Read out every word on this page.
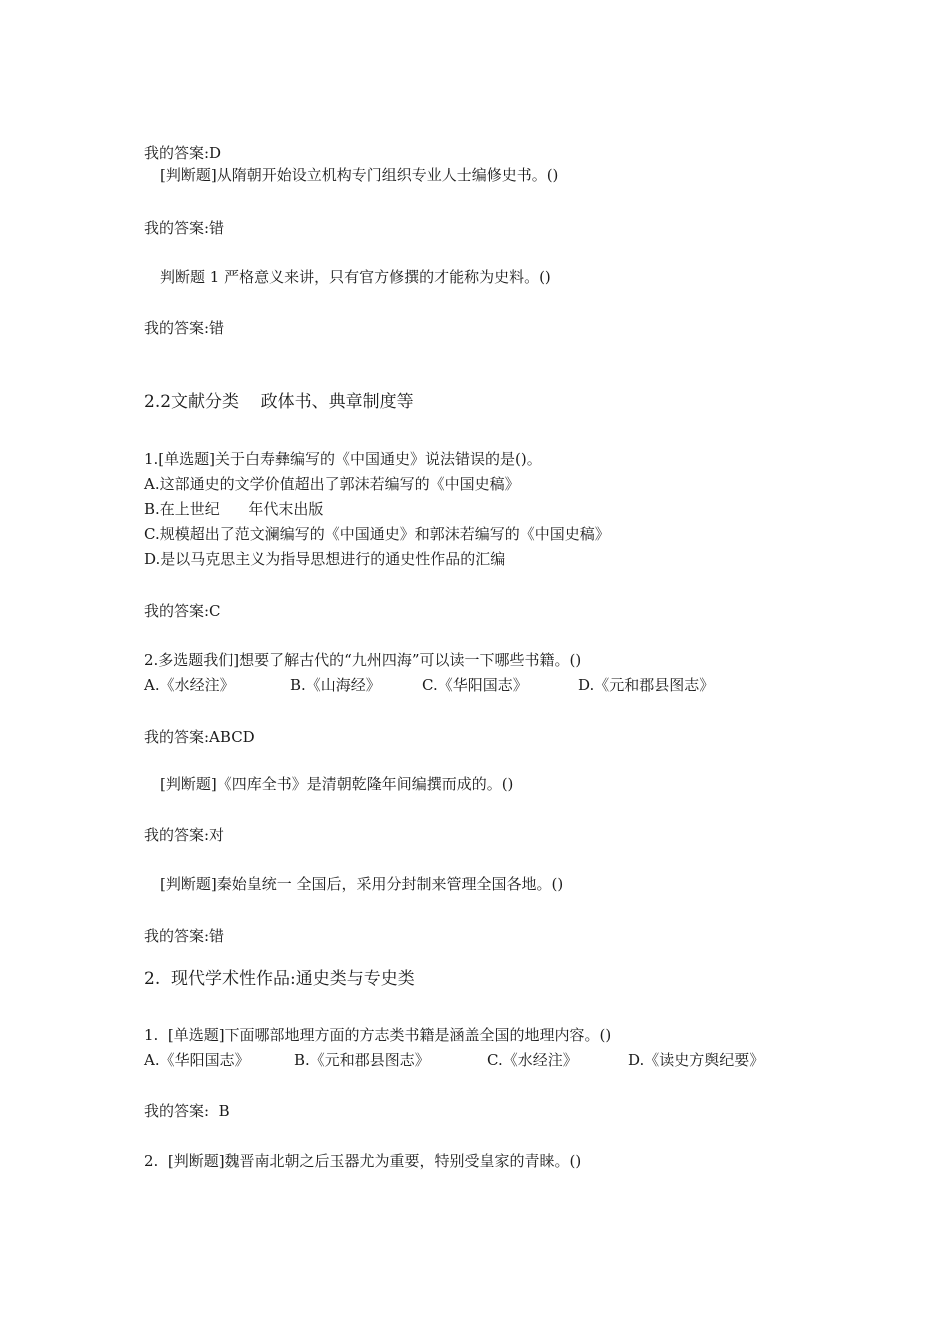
我的答案:D
[判断题]从隋朝开始设立机构专门组织专业人士编修史书。()
我的答案:错
判断题 1 严格意义来讲，只有官方修撰的才能称为史料。()
我的答案:错
2.2文献分类    政体书、典章制度等
1.[单选题]关于白寿彝编写的《中国通史》说法错误的是()。
A.这部通史的文学价值超出了郭沫若编写的《中国史稿》
B.在上世纪      年代末出版
C.规模超出了范文澜编写的《中国通史》和郭沫若编写的《中国史稿》
D.是以马克思主义为指导思想进行的通史性作品的汇编
我的答案:C
2.多选题我们]想要了解古代的“九州四海”可以读一下哪些书籍。()
A.《水经注》	B.《山海经》	C.《华阳国志》	D.《元和郡县图志》
我的答案:ABCD
[判断题]《四库全书》是清朝乾隆年间编撰而成的。()
我的答案:对
[判断题]秦始皇统一 全国后，采用分封制来管理全国各地。()
我的答案:错
2.  现代学术性作品:通史类与专史类
1.  [单选题]下面哪部地理方面的方志类书籍是涵盖全国的地理内容。()
A.《华阳国志》	B.《元和郡县图志》	C.《水经注》	D.《读史方舆纪要》
我的答案:  B
2.  [判断题]魏晋南北朝之后玉器尤为重要，特别受皇家的青睐。()
